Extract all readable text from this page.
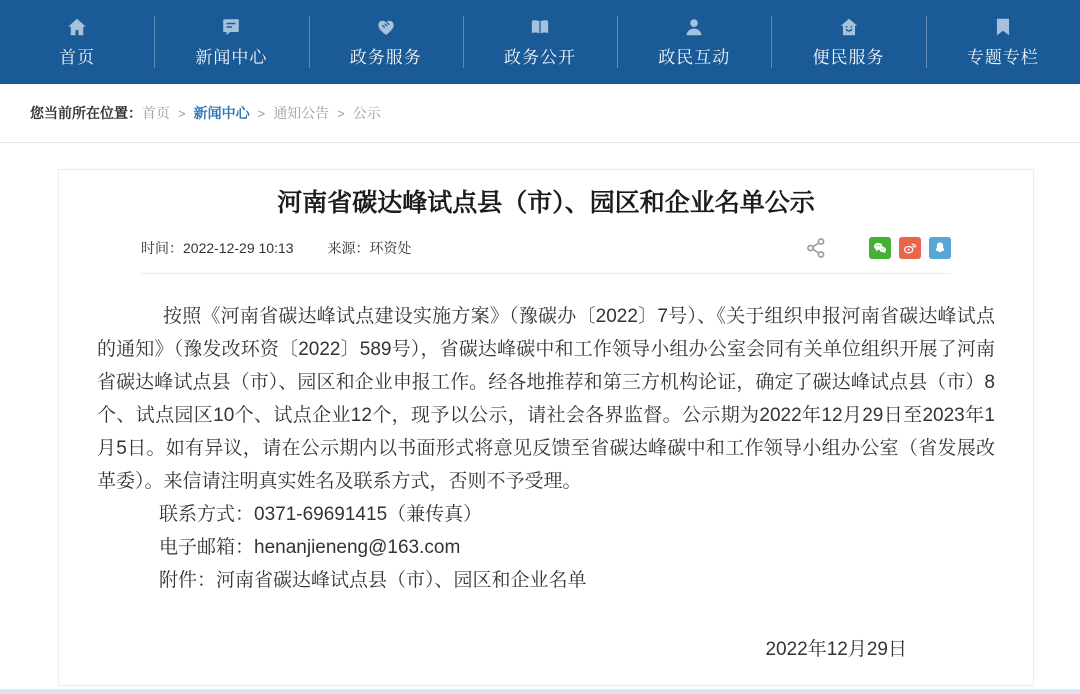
首页	新闻中心	政务服务	政务公开	政民互动	便民服务	专题专栏
您当前所在位置： 首页 > 新闻中心 > 通知公告 > 公示
河南省碳达峰试点县（市）、园区和企业名单公示
时间：2022-12-29 10:13 来源：环资处

按照《河南省碳达峰试点建设实施方案》（豫碳办〔2022〕7号）、《关于组织申报河南省碳达峰试点的通知》（豫发改环资〔2022〕589号），省碳达峰碳中和工作领导小组办公室会同有关单位组织开展了河南省碳达峰试点县（市）、园区和企业申报工作。经各地推荐和第三方机构论证，确定了碳达峰试点县（市）8个、试点园区10个、试点企业12个，现予以公示，请社会各界监督。公示期为2022年12月29日至2023年1月5日。如有异议，请在公示期内以书面形式将意见反馈至省碳达峰碳中和工作领导小组办公室（省发展改革委）。来信请注明真实姓名及联系方式，否则不予受理。

联系方式：0371-69691415（兼传真）

电子邮箱：henanjieneng@163.com

附件：河南省碳达峰试点县（市）、园区和企业名单

2022年12月29日
